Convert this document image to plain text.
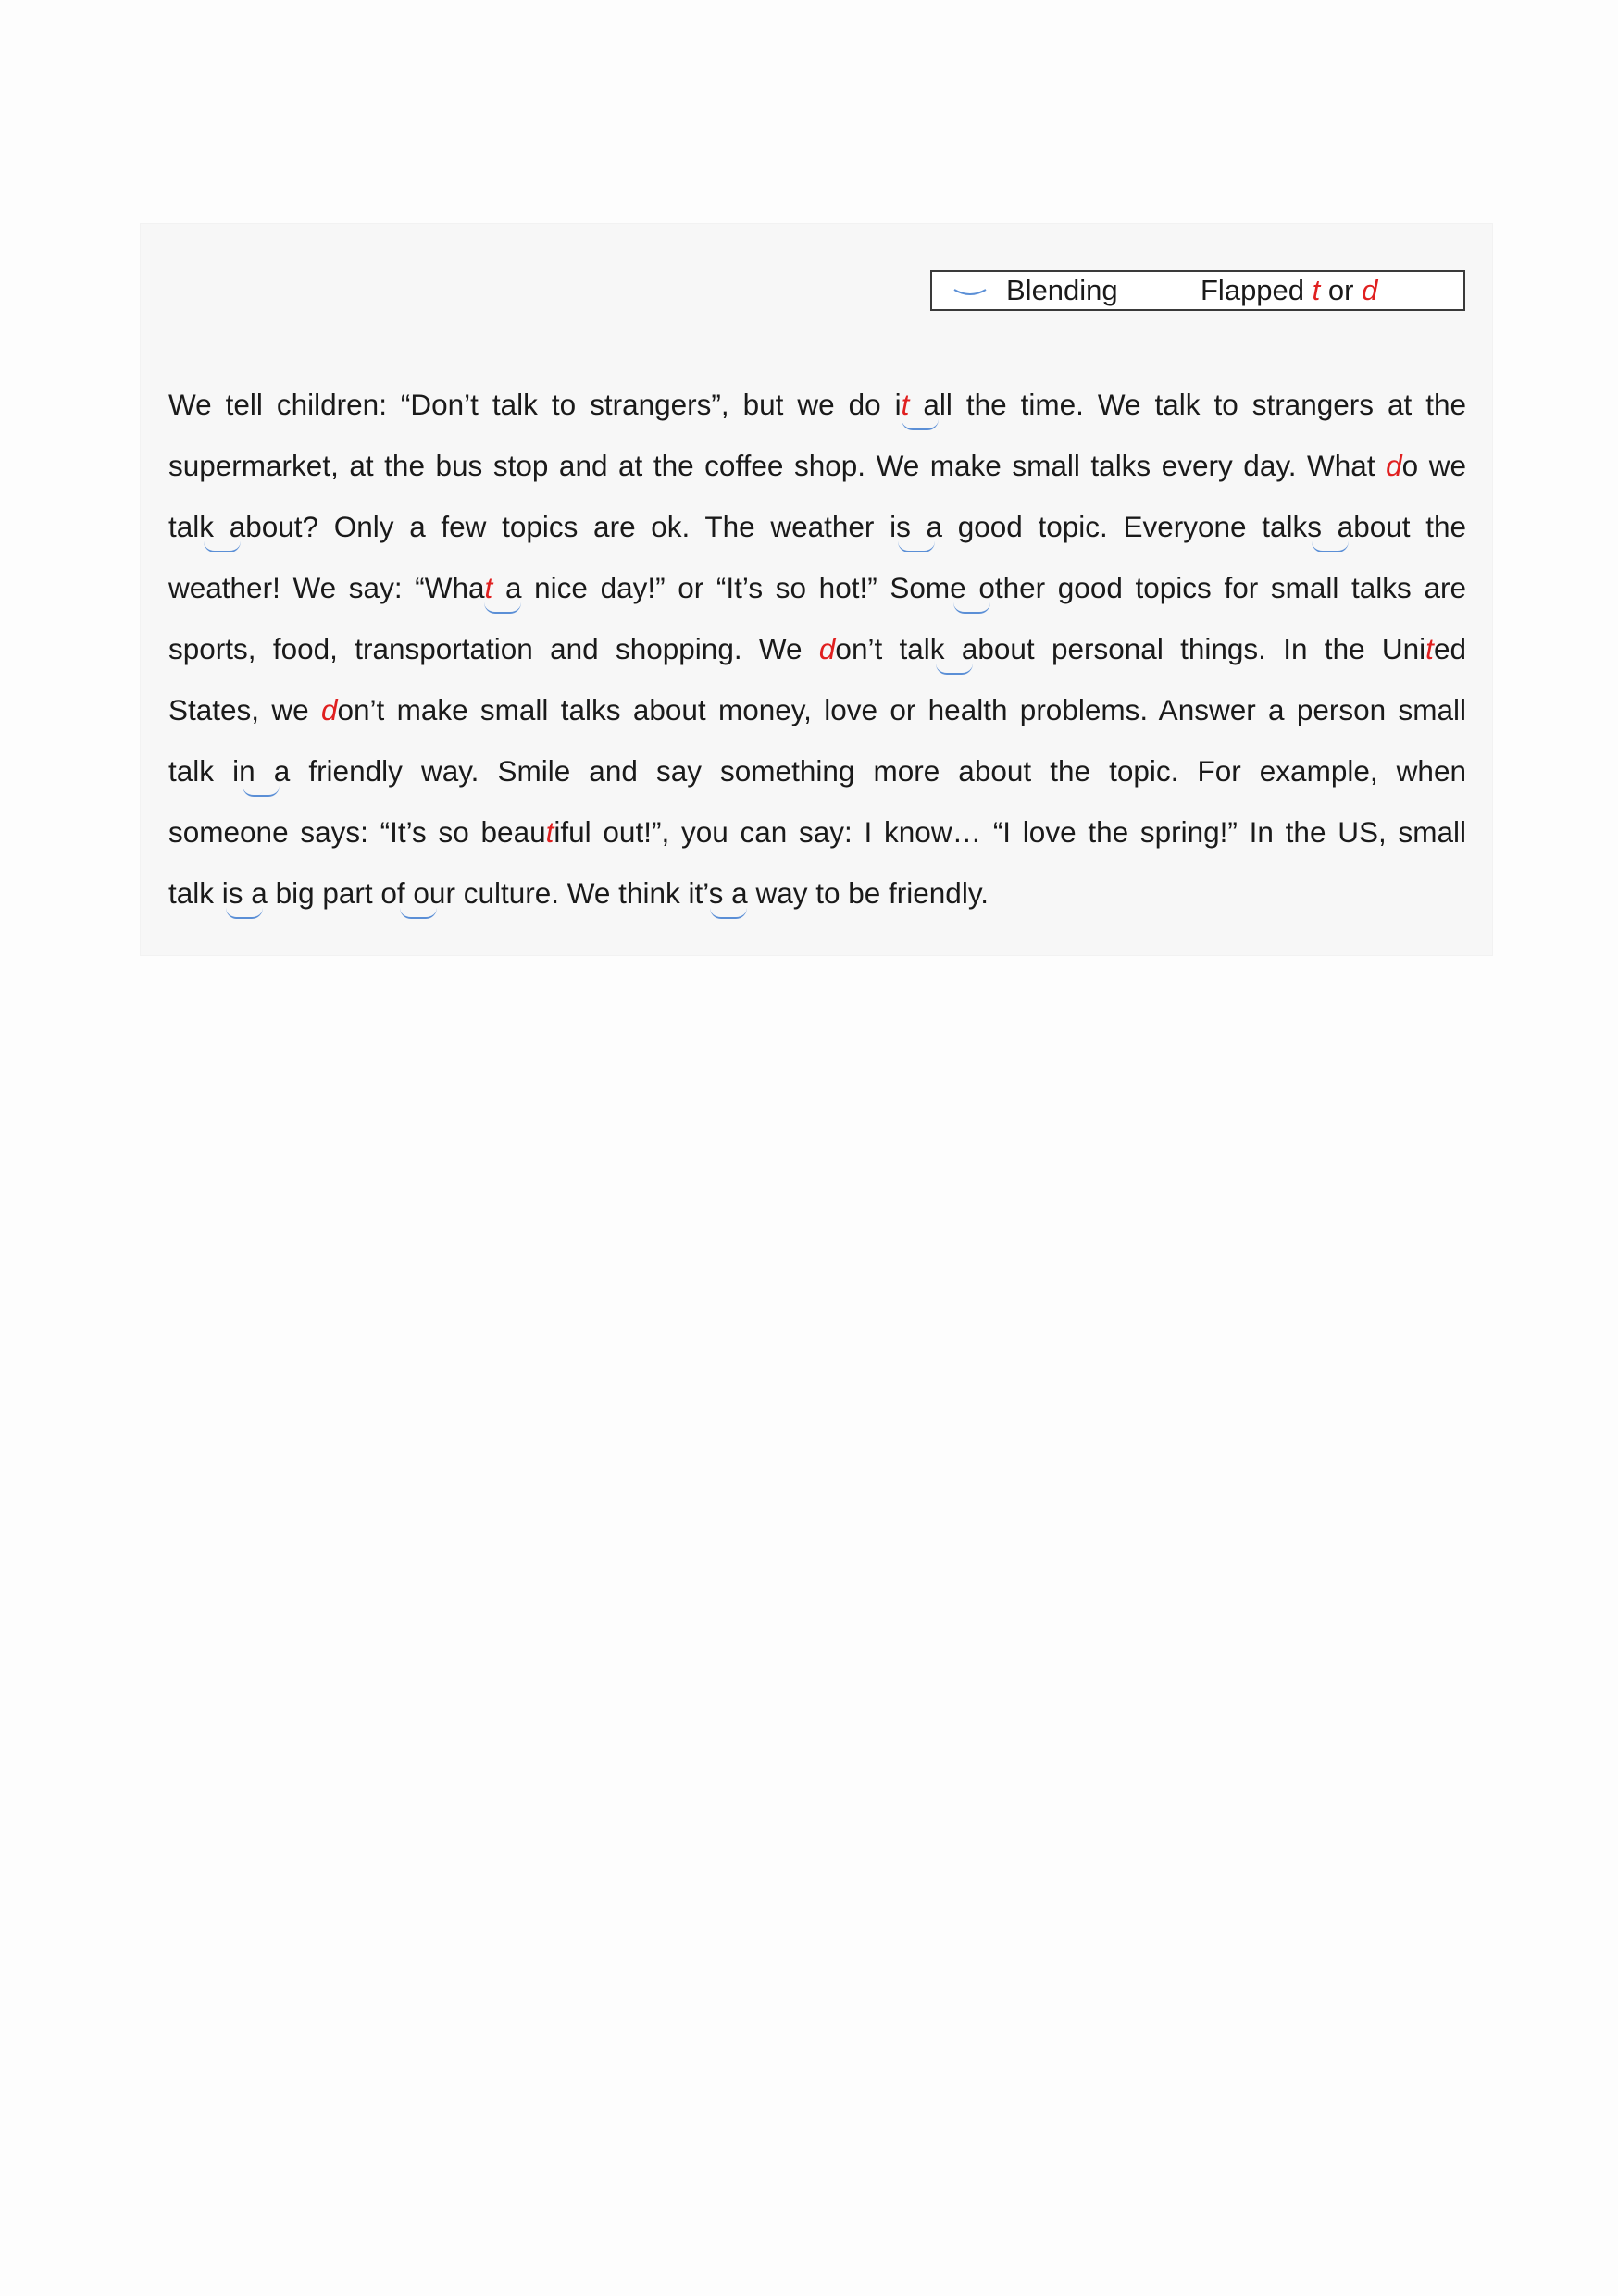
Blending	Flapped t or d
We tell children: “Don’t talk to strangers”, but we do it all the time. We talk to strangers at the
supermarket, at the bus stop and at the coffee shop. We make small talks every day. What do we
talk about? Only a few topics are ok. The weather is a good topic. Everyone talks about the
weather! We say: “What a nice day!” or “It’s so hot!” Some other good topics for small talks are
sports, food, transportation and shopping. We don’t talk about personal things. In the United
States, we don’t make small talks about money, love or health problems. Answer a person small
talk in a friendly way. Smile and say something more about the topic. For example, when
someone says: “It’s so beautiful out!”, you can say: I know… “I love the spring!” In the US, small
talk is a big part of our culture. We think it’s a way to be friendly.
